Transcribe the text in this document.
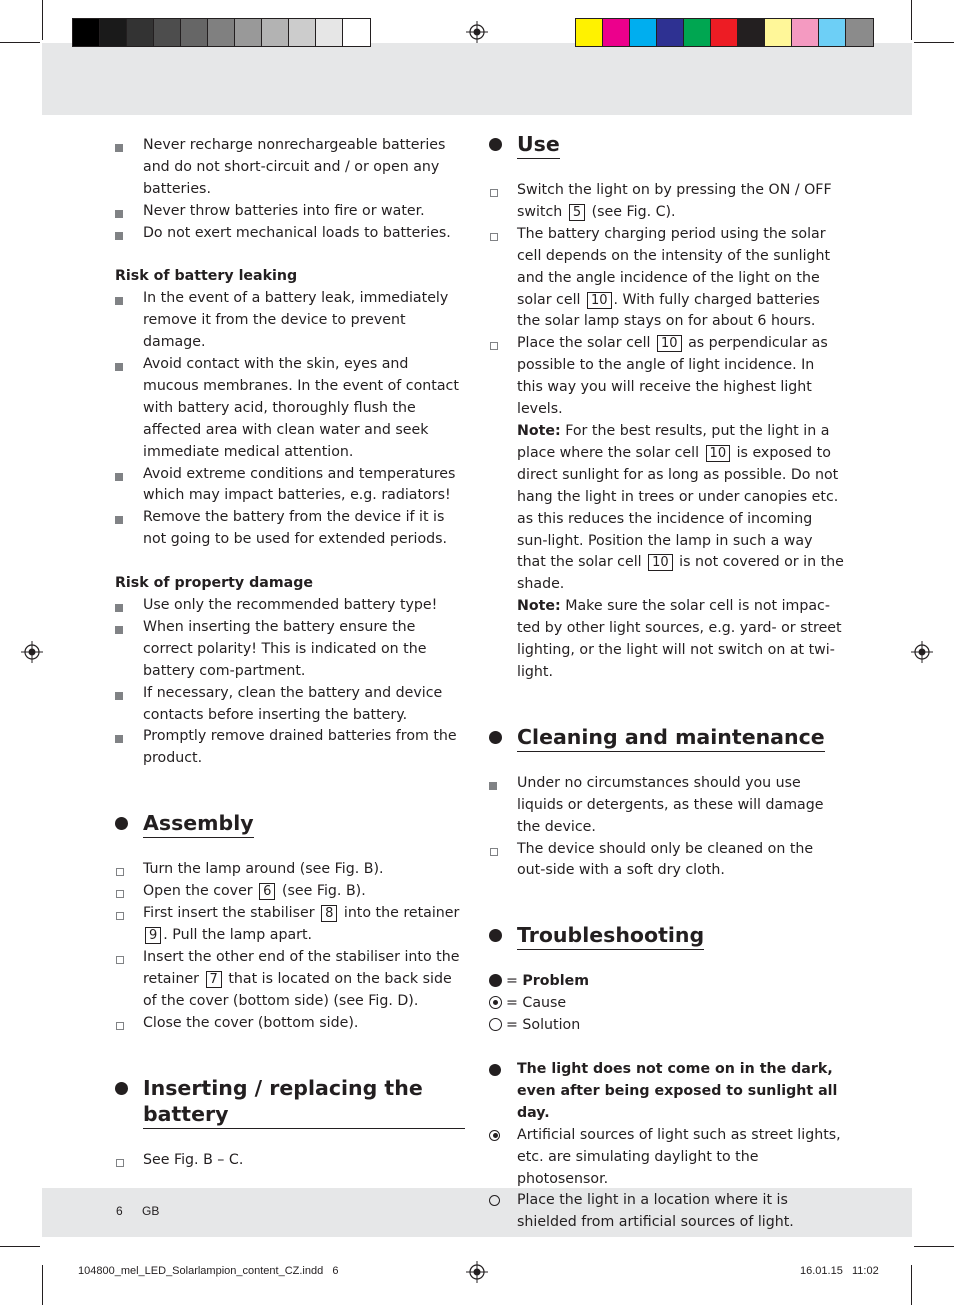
Never recharge nonrechargeable batteries and do not short-circuit and / or open any batteries.
Never throw batteries into fire or water.
Do not exert mechanical loads to batteries.
Risk of battery leaking
In the event of a battery leak, immediately remove it from the device to prevent damage.
Avoid contact with the skin, eyes and mucous membranes. In the event of contact with battery acid, thoroughly flush the affected area with clean water and seek immediate medical attention.
Avoid extreme conditions and temperatures which may impact batteries, e.g. radiators!
Remove the battery from the device if it is not going to be used for extended periods.
Risk of property damage
Use only the recommended battery type!
When inserting the battery ensure the correct polarity! This is indicated on the battery com-partment.
If necessary, clean the battery and device contacts before inserting the battery.
Promptly remove drained batteries from the product.
Assembly
Turn the lamp around (see Fig. B).
Open the cover 6 (see Fig. B).
First insert the stabiliser 8 into the retainer 9 . Pull the lamp apart.
Insert the other end of the stabiliser into the retainer 7 that is located on the back side of the cover (bottom side) (see Fig. D).
Close the cover (bottom side).
Inserting / replacing the battery
See Fig. B – C.
Use
Switch the light on by pressing the ON / OFF switch 5 (see Fig. C).
The battery charging period using the solar cell depends on the intensity of the sunlight and the angle incidence of the light on the solar cell 10 . With fully charged batteries the solar lamp stays on for about 6 hours.
Place the solar cell 10 as perpendicular as possible to the angle of light incidence. In this way you will receive the highest light levels.
Note: For the best results, put the light in a place where the solar cell 10 is exposed to direct sunlight for as long as possible. Do not hang the light in trees or under canopies etc. as this reduces the incidence of incoming sun-light. Position the lamp in such a way that the solar cell 10 is not covered or in the shade.
Note: Make sure the solar cell is not impac-ted by other light sources, e.g. yard- or street lighting, or the light will not switch on at twi-light.
Cleaning and maintenance
Under no circumstances should you use liquids or detergents, as these will damage the device.
The device should only be cleaned on the out-side with a soft dry cloth.
Troubleshooting
= Problem
= Cause
= Solution
The light does not come on in the dark, even after being exposed to sunlight all day.
Artificial sources of light such as street lights, etc. are simulating daylight to the photosensor.
Place the light in a location where it is shielded from artificial sources of light.
6 GB
104800_mel_LED_Solarlampion_content_CZ.indd   6	16.01.15   11:02
